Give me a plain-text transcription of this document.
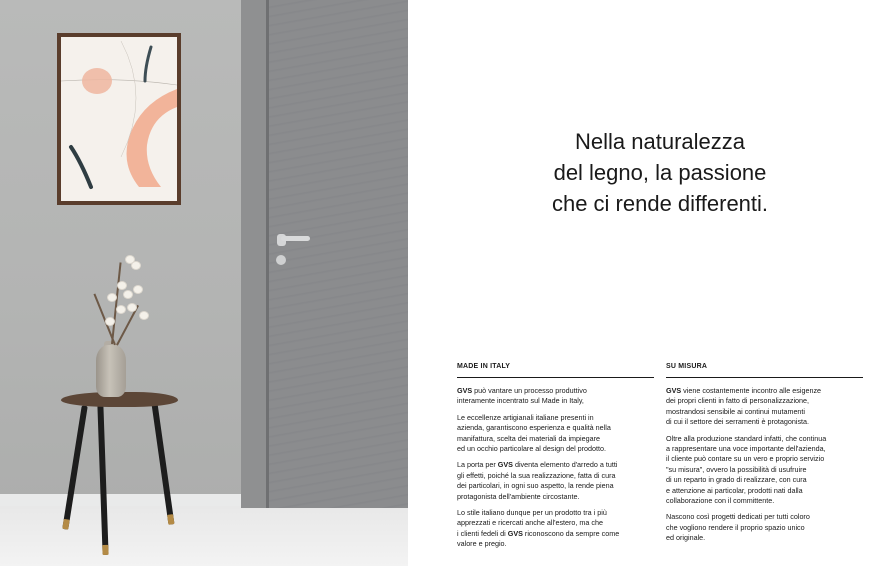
Nella naturalezza
del legno, la passione
che ci rende differenti.
MADE IN ITALY

GVS può vantare un processo produttivo
interamente incentrato sul Made in Italy,

Le eccellenze artigianali italiane presenti in
azienda, garantiscono esperienza e qualità nella
manifattura, scelta dei materiali da impiegare
ed un occhio particolare al design del prodotto.

La porta per GVS diventa elemento d'arredo a tutti
gli effetti, poiché la sua realizzazione, fatta di cura
dei particolari, in ogni suo aspetto, la rende piena
protagonista dell'ambiente circostante.

Lo stile italiano dunque per un prodotto tra i più
apprezzati e ricercati anche all'estero, ma che
i clienti fedeli di GVS riconoscono da sempre come
valore e pregio.

SU MISURA

GVS viene costantemente incontro alle esigenze
dei propri clienti in fatto di personalizzazione,
mostrandosi sensibile ai continui mutamenti
di cui il settore dei serramenti è protagonista.

Oltre alla produzione standard infatti, che continua
a rappresentare una voce importante dell'azienda,
il cliente può contare su un vero e proprio servizio
"su misura", ovvero la possibilità di usufruire
di un reparto in grado di realizzare, con cura
e attenzione ai particolar, prodotti nati dalla
collaborazione con il committente.

Nascono così progetti dedicati per tutti coloro
che vogliono rendere il proprio spazio unico
ed originale.
